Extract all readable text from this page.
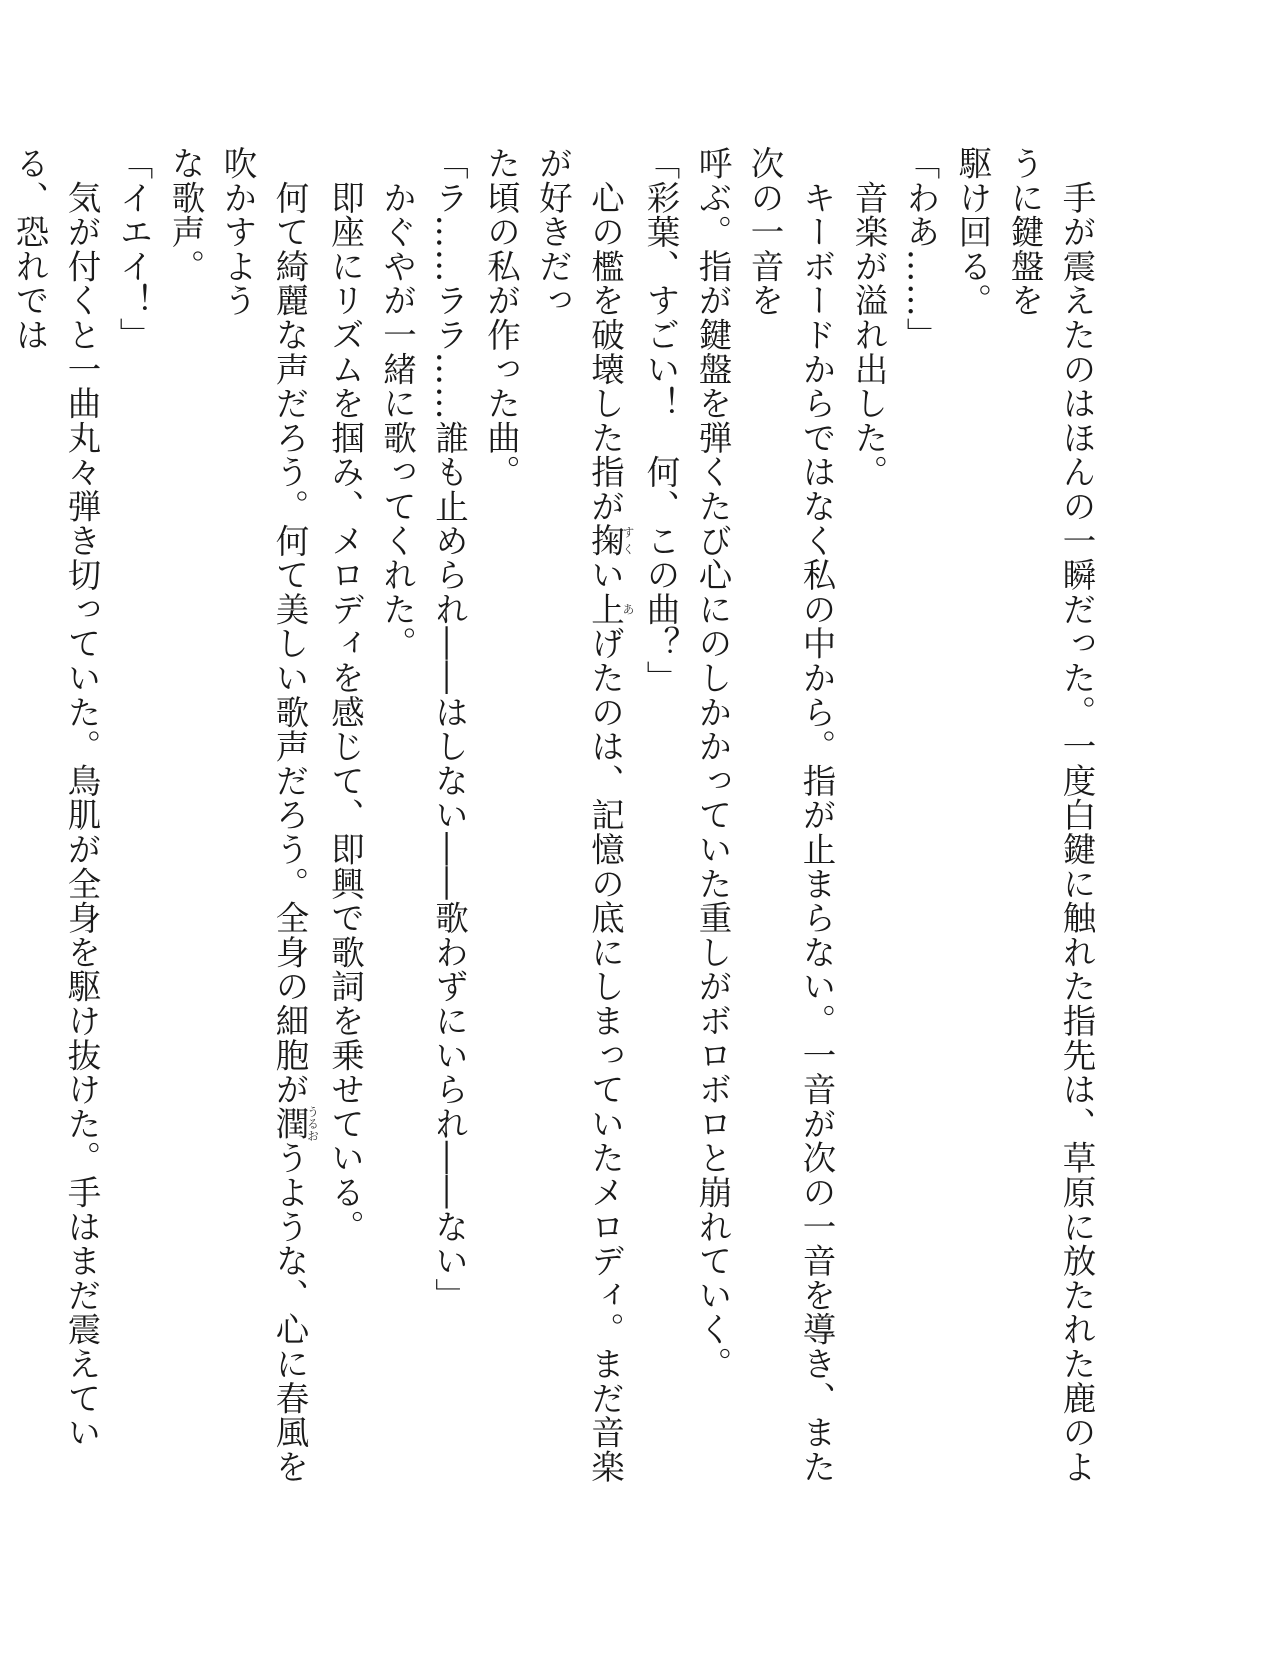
　手が震えたのはほんの一瞬だった。一度白鍵に触れた指先は、草原に放たれた鹿のように鍵盤を

駆け回る。

「わあ……」

　音楽が溢れ出した。

　キーボードからではなく私の中から。指が止まらない。一音が次の一音を導き、また次の一音を

呼ぶ。指が鍵盤を弾くたび心にのしかかっていた重しがボロボロと崩れていく。

「彩葉、すごい！　何、この曲？」

　心の檻を破壊した指が掬すくい上あげたのは、記憶の底にしまっていたメロディ。まだ音楽が好きだっ

た頃の私が作った曲。

「ラ……ララ……誰も止められ――はしない――歌わずにいられ――ない」

　かぐやが一緒に歌ってくれた。

　即座にリズムを掴み、メロディを感じて、即興で歌詞を乗せている。

　何て綺麗な声だろう。何て美しい歌声だろう。全身の細胞が潤うるおうような、心に春風を吹かすよう

な歌声。

「イエイ！」

　気が付くと一曲丸々弾き切っていた。鳥肌が全身を駆け抜けた。手はまだ震えている、恐れでは
